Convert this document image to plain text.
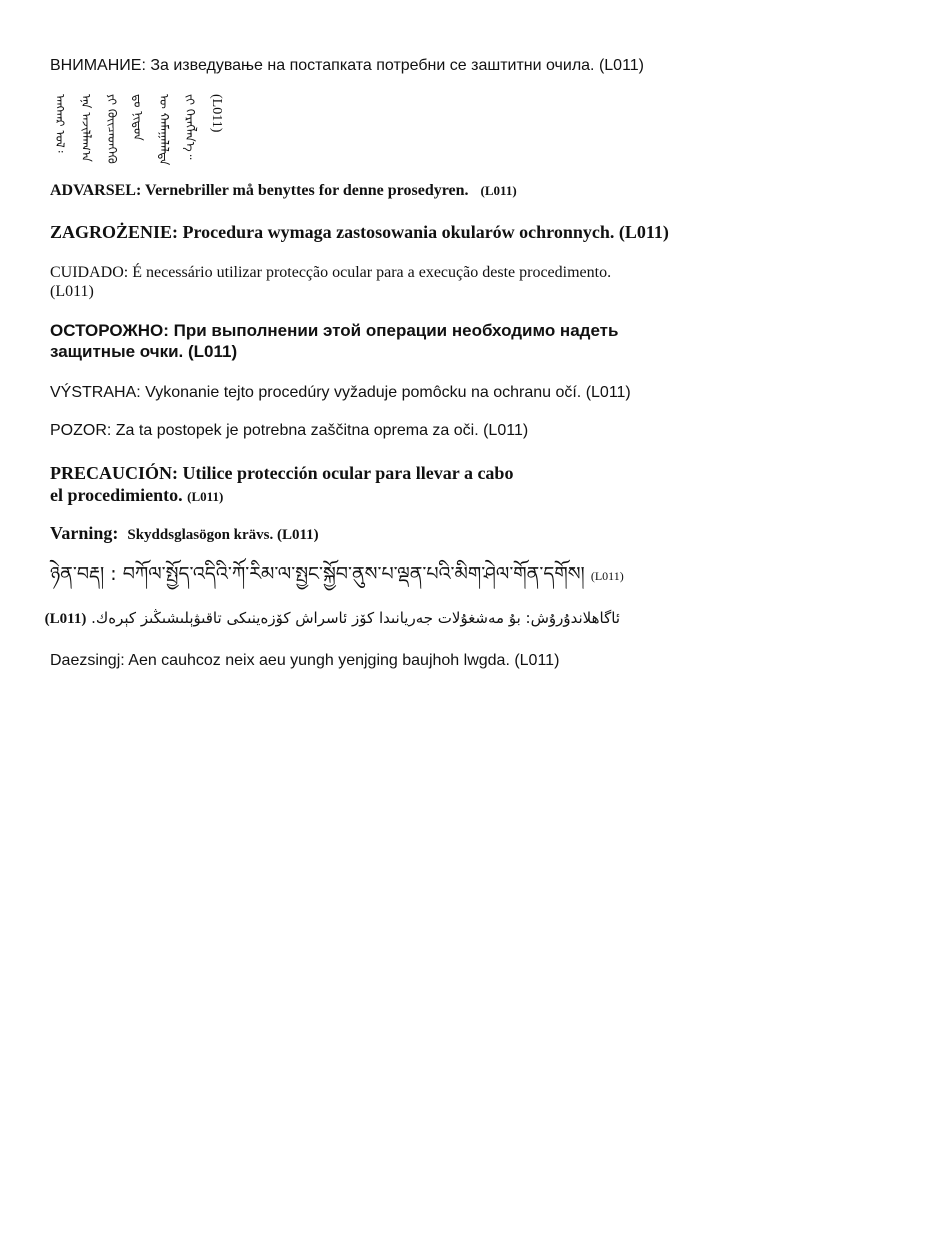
ВНИМАНИЕ: За изведување на постапката потребни се заштитни очила. (L011)

ᠠᠩᠬᠠᠷ ᠤᠯ᠄ ᠡᠨᠡ ᠠᠵᠢᠯᠯᠠᠭ᠎ᠠ ᠶᠢ ᠭᠦᠢᠴᠡᠳᠭᠡᠬᠦ ᠳᠤ ᠨᠢᠳᠦᠨ ᠦ ᠬᠠᠮᠠᠭᠠᠯᠠᠯᠲᠠ ᠵᠢ ᠬᠡᠷᠡᠭᠯᠡᠨ᠎ᠡ᠃ (L011)

ADVARSEL: Vernebriller må benyttes for denne prosedyren. (L011)

ZAGROŻENIE: Procedura wymaga zastosowania okularów ochronnych. (L011)

CUIDADO: É necessário utilizar protecção ocular para a execução deste procedimento.
(L011)

ОСТОРОЖНО: При выполнении этой операции необходимо надеть
защитные очки. (L011)

VÝSTRAHA: Vykonanie tejto procedúry vyžaduje pomôcku na ochranu očí. (L011)

POZOR: Za ta postopek je potrebna zaščitna oprema za oči. (L011)

PRECAUCIÓN: Utilice protección ocular para llevar a cabo
el procedimiento. (L011)

Varning: Skyddsglasögon krävs. (L011)

ཉེན་བརྡ། : བཀོལ་སྤྱོད་འདིའི་ཀོ་རིམ་ལ་སྤྱང་སྐྱོབ་ནུས་པ་ལྡན་པའི་མིག་ཤེལ་གོན་དགོས། (L011)

ئاگاھلاندۇرۇش: بۇ مەشغۇلات جەريانىدا كۆز ئاسراش كۆزەينىكى تاقىۋېلىشىڭىز كېرەك. (L011)

Daezsingj: Aen cauhcoz neix aeu yungh yenjging baujhoh lwgda. (L011)
